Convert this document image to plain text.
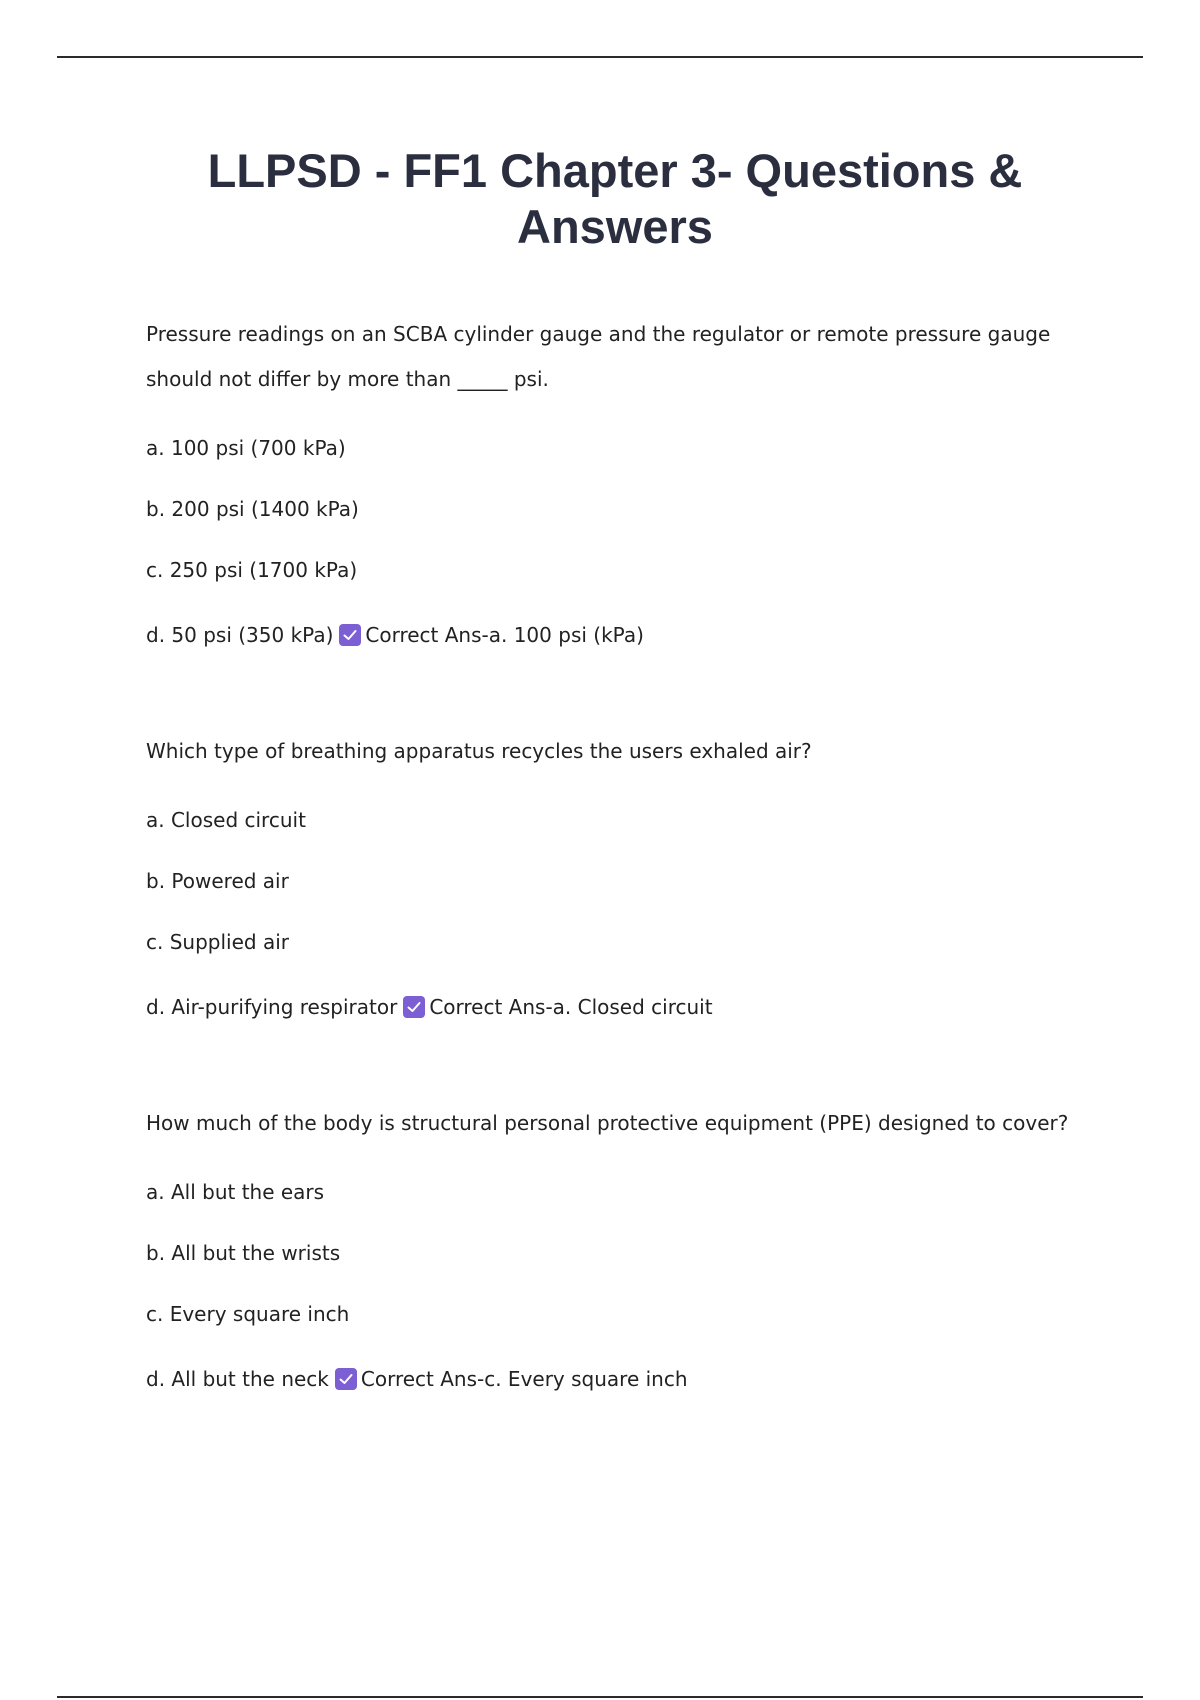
LLPSD - FF1 Chapter 3- Questions & Answers

Pressure readings on an SCBA cylinder gauge and the regulator or remote pressure gauge should not differ by more than _____ psi.

a. 100 psi (700 kPa)

b. 200 psi (1400 kPa)

c. 250 psi (1700 kPa)

d. 50 psi (350 kPa) Correct Ans-a. 100 psi (kPa)

Which type of breathing apparatus recycles the users exhaled air?

a. Closed circuit

b. Powered air

c. Supplied air

d. Air-purifying respirator Correct Ans-a. Closed circuit

How much of the body is structural personal protective equipment (PPE) designed to cover?

a. All but the ears

b. All but the wrists

c. Every square inch

d. All but the neck Correct Ans-c. Every square inch
